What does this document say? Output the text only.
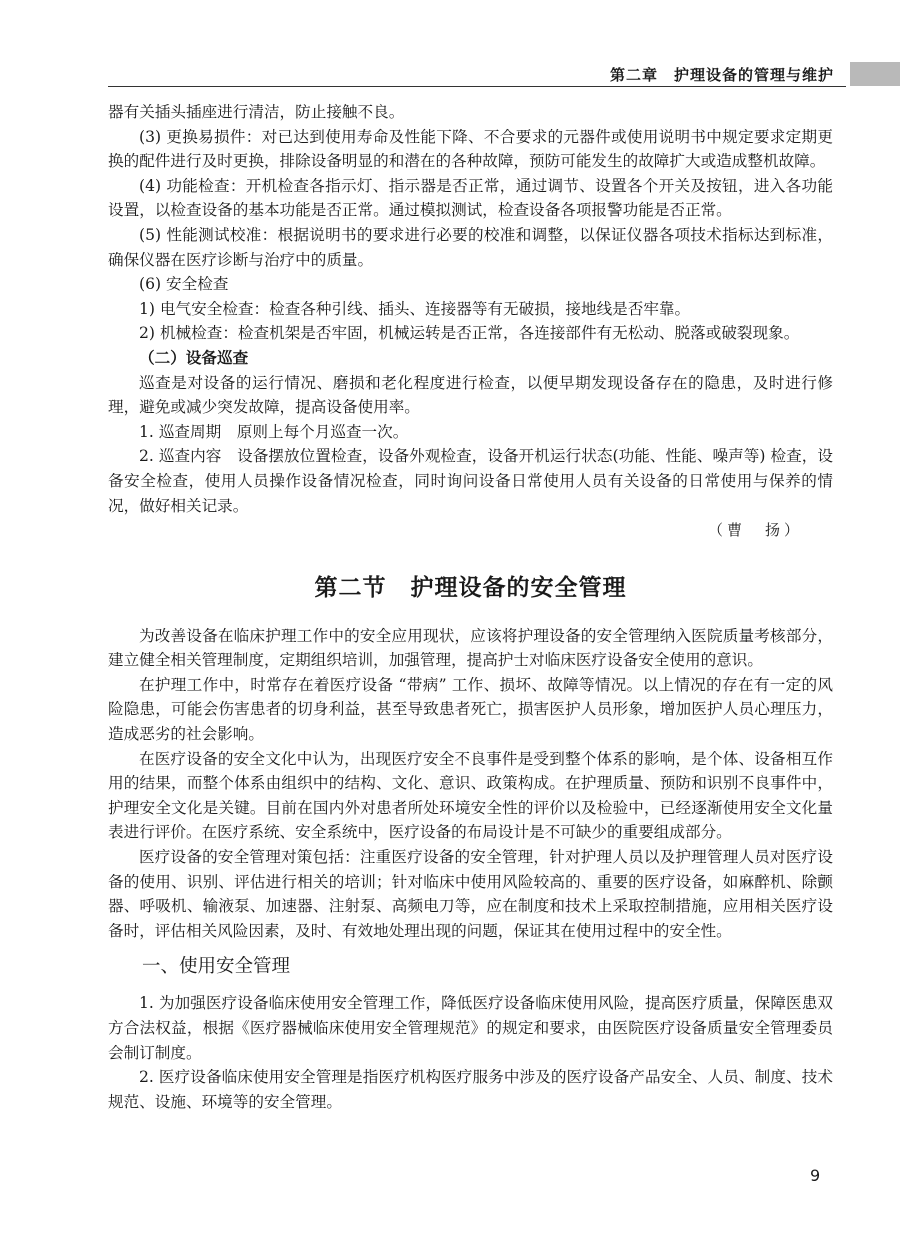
第二章　护理设备的管理与维护

器有关插头插座进行清洁，防止接触不良。

(3) 更换易损件：对已达到使用寿命及性能下降、不合要求的元器件或使用说明书中规定要求定期更换的配件进行及时更换，排除设备明显的和潜在的各种故障，预防可能发生的故障扩大或造成整机故障。

(4) 功能检查：开机检查各指示灯、指示器是否正常，通过调节、设置各个开关及按钮，进入各功能设置，以检查设备的基本功能是否正常。通过模拟测试，检查设备各项报警功能是否正常。

(5) 性能测试校准：根据说明书的要求进行必要的校准和调整，以保证仪器各项技术指标达到标准，确保仪器在医疗诊断与治疗中的质量。

(6) 安全检查

1) 电气安全检查：检查各种引线、插头、连接器等有无破损，接地线是否牢靠。

2) 机械检查：检查机架是否牢固，机械运转是否正常，各连接部件有无松动、脱落或破裂现象。

（二）设备巡查

巡查是对设备的运行情况、磨损和老化程度进行检查，以便早期发现设备存在的隐患，及时进行修理，避免或减少突发故障，提高设备使用率。

1. 巡查周期　原则上每个月巡查一次。

2. 巡查内容　设备摆放位置检查，设备外观检查，设备开机运行状态(功能、性能、噪声等) 检查，设备安全检查，使用人员操作设备情况检查，同时询问设备日常使用人员有关设备的日常使用与保养的情况，做好相关记录。

（曹　扬）

第二节　护理设备的安全管理

为改善设备在临床护理工作中的安全应用现状，应该将护理设备的安全管理纳入医院质量考核部分，建立健全相关管理制度，定期组织培训，加强管理，提高护士对临床医疗设备安全使用的意识。

在护理工作中，时常存在着医疗设备 “带病” 工作、损坏、故障等情况。以上情况的存在有一定的风险隐患，可能会伤害患者的切身利益，甚至导致患者死亡，损害医护人员形象，增加医护人员心理压力，造成恶劣的社会影响。

在医疗设备的安全文化中认为，出现医疗安全不良事件是受到整个体系的影响，是个体、设备相互作用的结果，而整个体系由组织中的结构、文化、意识、政策构成。在护理质量、预防和识别不良事件中，护理安全文化是关键。目前在国内外对患者所处环境安全性的评价以及检验中，已经逐渐使用安全文化量表进行评价。在医疗系统、安全系统中，医疗设备的布局设计是不可缺少的重要组成部分。

医疗设备的安全管理对策包括：注重医疗设备的安全管理，针对护理人员以及护理管理人员对医疗设备的使用、识别、评估进行相关的培训；针对临床中使用风险较高的、重要的医疗设备，如麻醉机、除颤器、呼吸机、输液泵、加速器、注射泵、高频电刀等，应在制度和技术上采取控制措施，应用相关医疗设备时，评估相关风险因素，及时、有效地处理出现的问题，保证其在使用过程中的安全性。

一、使用安全管理

1. 为加强医疗设备临床使用安全管理工作，降低医疗设备临床使用风险，提高医疗质量，保障医患双方合法权益，根据《医疗器械临床使用安全管理规范》的规定和要求，由医院医疗设备质量安全管理委员会制订制度。

2. 医疗设备临床使用安全管理是指医疗机构医疗服务中涉及的医疗设备产品安全、人员、制度、技术规范、设施、环境等的安全管理。

9
